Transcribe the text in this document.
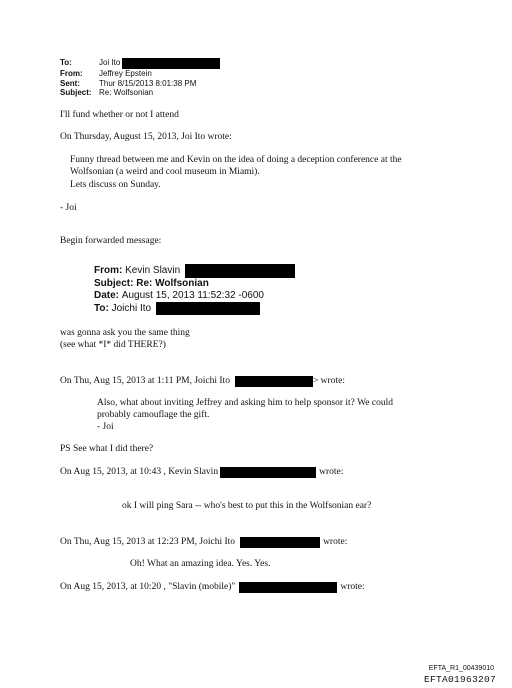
To:	Joi Ito
From:	Jeffrey Epstein
Sent:	Thur 8/15/2013 8:01:38 PM
Subject: Re: Wolfsonian
I'll fund whether or not I attend
On Thursday, August 15, 2013, Joi Ito wrote:
Funny thread between me and Kevin on the idea of doing a deception conference at the
Wolfsonian (a weird and cool museum in Miami).
Lets discuss on Sunday.
- Joi
Begin forwarded message:
From:
Kevin Slavin
Subject:
Re: Wolfsonian
Date:
August 15, 2013 11:52:32 -0600
To:
Joichi Ito
was gonna ask you the same thing
(see what *I* did THERE?)
On Thu, Aug 15, 2013 at 1:11 PM, Joichi Ito	> wrote:
Also, what about inviting Jeffrey and asking him to help sponsor it? We could
probably camouflage the gift.
- Joi
PS See what I did there?
On Aug 15, 2013, at 10:43 , Kevin Slavin	wrote:
ok I will ping Sara -- who's best to put this in the Wolfsonian ear?
On Thu, Aug 15, 2013 at 12:23 PM, Joichi Ito	wrote:
Oh! What an amazing idea. Yes. Yes.
On Aug 15, 2013, at 10:20 , "Slavin (mobile)"	wrote:
EFTA_R1_00439010
EFTA01963207
